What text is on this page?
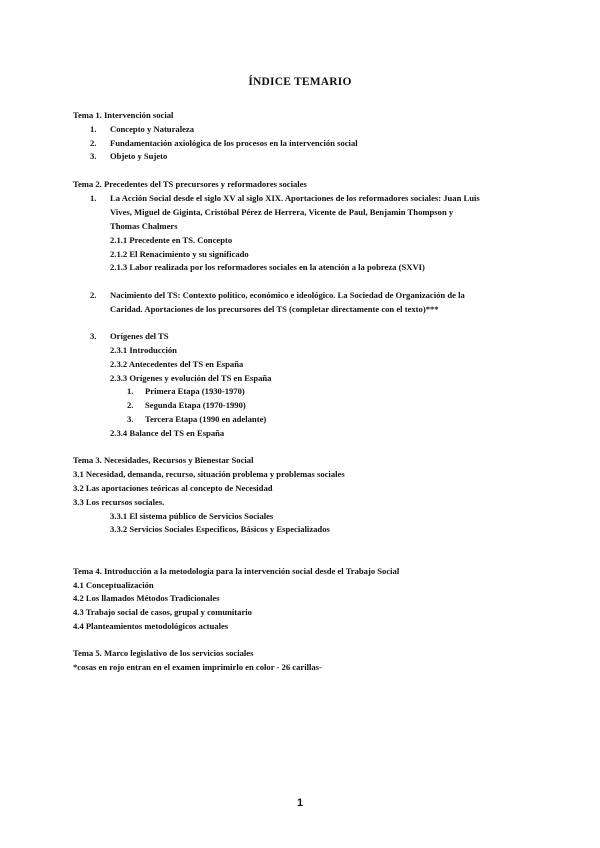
ÍNDICE TEMARIO
Tema 1. Intervención social
1. Concepto y Naturaleza
2. Fundamentación axiológica de los procesos en la intervención social
3. Objeto y Sujeto
Tema 2. Precedentes del TS precursores y reformadores sociales
1. La Acción Social desde el siglo XV al siglo XIX. Aportaciones de los reformadores sociales: Juan Luis
Vives, Miguel de Giginta, Cristóbal Pérez de Herrera, Vicente de Paul, Benjamin Thompson y
Thomas Chalmers
2.1.1 Precedente en TS. Concepto
2.1.2 El Renacimiento y su significado
2.1.3 Labor realizada por los reformadores sociales en la atención a la pobreza (SXVI)
2. Nacimiento del TS: Contexto político, económico e ideológico. La Sociedad de Organización de la
Caridad. Aportaciones de los precursores del TS (completar directamente con el texto)***
3. Orígenes del TS
2.3.1 Introducción
2.3.2 Antecedentes del TS en España
2.3.3 Orígenes y evolución del TS en España
1. Primera Etapa (1930-1970)
2. Segunda Etapa (1970-1990)
3. Tercera Etapa (1990 en adelante)
2.3.4 Balance del TS en España
Tema 3. Necesidades, Recursos y Bienestar Social
3.1 Necesidad, demanda, recurso, situación problema y problemas sociales
3.2 Las aportaciones teóricas al concepto de Necesidad
3.3 Los recursos sociales.
3.3.1 El sistema público de Servicios Sociales
3.3.2 Servicios Sociales Específicos, Básicos y Especializados
Tema 4. Introducción a la metodología para la intervención social desde el Trabajo Social
4.1 Conceptualización
4.2 Los llamados Métodos Tradicionales
4.3 Trabajo social de casos, grupal y comunitario
4.4 Planteamientos metodológicos actuales
Tema 5. Marco legislativo de los servicios sociales
*cosas en rojo entran en el examen imprimirlo en color - 26 carillas-
1
